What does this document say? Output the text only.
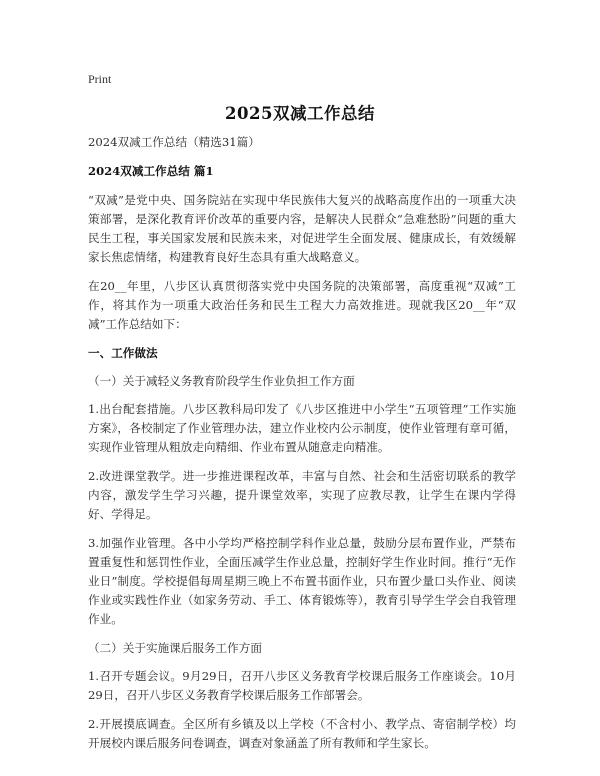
Print
2025双减工作总结

2024双减工作总结（精选31篇）

2024双减工作总结 篇1

“双减”是党中央、国务院站在实现中华民族伟大复兴的战略高度作出的一项重大决策部署，是深化教育评价改革的重要内容，是解决人民群众“急难愁盼”问题的重大民生工程，事关国家发展和民族未来，对促进学生全面发展、健康成长，有效缓解家长焦虑情绪，构建教育良好生态具有重大战略意义。

在20__年里，八步区认真贯彻落实党中央国务院的决策部署，高度重视“双减”工作，将其作为一项重大政治任务和民生工程大力高效推进。现就我区20__年“双减”工作总结如下：

一、工作做法

（一）关于减轻义务教育阶段学生作业负担工作方面

1.出台配套措施。八步区教科局印发了《八步区推进中小学生“五项管理”工作实施方案》，各校制定了作业管理办法，建立作业校内公示制度，使作业管理有章可循，实现作业管理从粗放走向精细、作业布置从随意走向精准。

2.改进课堂教学。进一步推进课程改革，丰富与自然、社会和生活密切联系的教学内容，激发学生学习兴趣，提升课堂效率，实现了应教尽教，让学生在课内学得好、学得足。

3.加强作业管理。各中小学均严格控制学科作业总量，鼓励分层布置作业，严禁布置重复性和惩罚性作业，全面压减学生作业总量，控制好学生作业时间。推行“无作业日”制度。学校提倡每周星期三晚上不布置书面作业，只布置少量口头作业、阅读作业或实践性作业（如家务劳动、手工、体育锻炼等），教育引导学生学会自我管理作业。

（二）关于实施课后服务工作方面

1.召开专题会议。9月29日，召开八步区义务教育学校课后服务工作座谈会。10月29日，召开八步区义务教育学校课后服务工作部署会。

2.开展摸底调查。全区所有乡镇及以上学校（不含村小、教学点、寄宿制学校）均开展校内课后服务问卷调查，调查对象涵盖了所有教师和学生家长。
